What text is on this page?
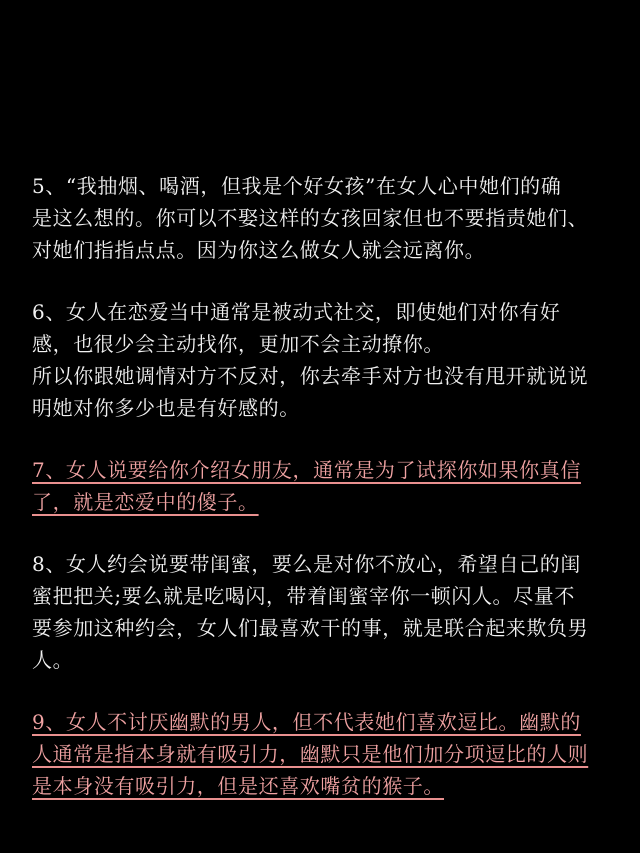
5、“我抽烟、喝酒，但我是个好女孩”在女人心中她们的确
是这么想的。你可以不娶这样的女孩回家但也不要指责她们、
对她们指指点点。因为你这么做女人就会远离你。
6、女人在恋爱当中通常是被动式社交，即使她们对你有好
感，也很少会主动找你，更加不会主动撩你。
所以你跟她调情对方不反对，你去牵手对方也没有甩开就说说
明她对你多少也是有好感的。
7、女人说要给你介绍女朋友，通常是为了试探你如果你真信
了，就是恋爱中的傻子。
8、女人约会说要带闺蜜，要么是对你不放心，希望自己的闺
蜜把把关;要么就是吃喝闪，带着闺蜜宰你一顿闪人。尽量不
要参加这种约会，女人们最喜欢干的事，就是联合起来欺负男
人。
9、女人不讨厌幽默的男人，但不代表她们喜欢逗比。幽默的
人通常是指本身就有吸引力，幽默只是他们加分项逗比的人则
是本身没有吸引力，但是还喜欢嘴贫的猴子。
